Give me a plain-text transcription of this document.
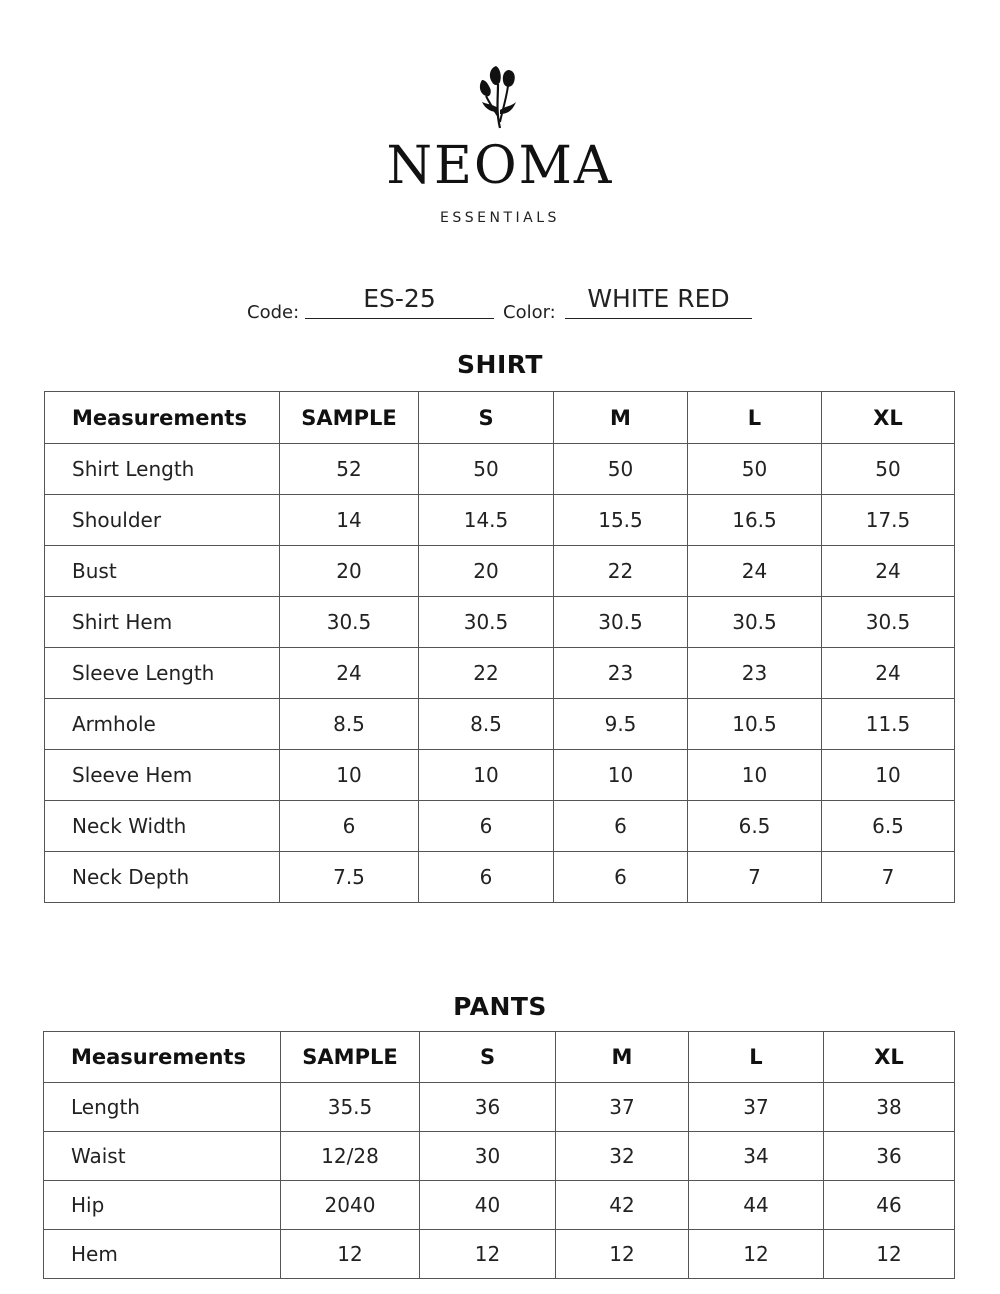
NEOMA
ESSENTIALS
Code:	ES-25	Color:	WHITE RED
SHIRT
Measurements	SAMPLE	S	M	L	XL
Shirt Length	52	50	50	50	50
Shoulder	14	14.5	15.5	16.5	17.5
Bust	20	20	22	24	24
Shirt Hem	30.5	30.5	30.5	30.5	30.5
Sleeve Length	24	22	23	23	24
Armhole	8.5	8.5	9.5	10.5	11.5
Sleeve Hem	10	10	10	10	10
Neck Width	6	6	6	6.5	6.5
Neck Depth	7.5	6	6	7	7
PANTS
Measurements	SAMPLE	S	M	L	XL
Length	35.5	36	37	37	38
Waist	12/28	30	32	34	36
Hip	2040	40	42	44	46
Hem	12	12	12	12	12
